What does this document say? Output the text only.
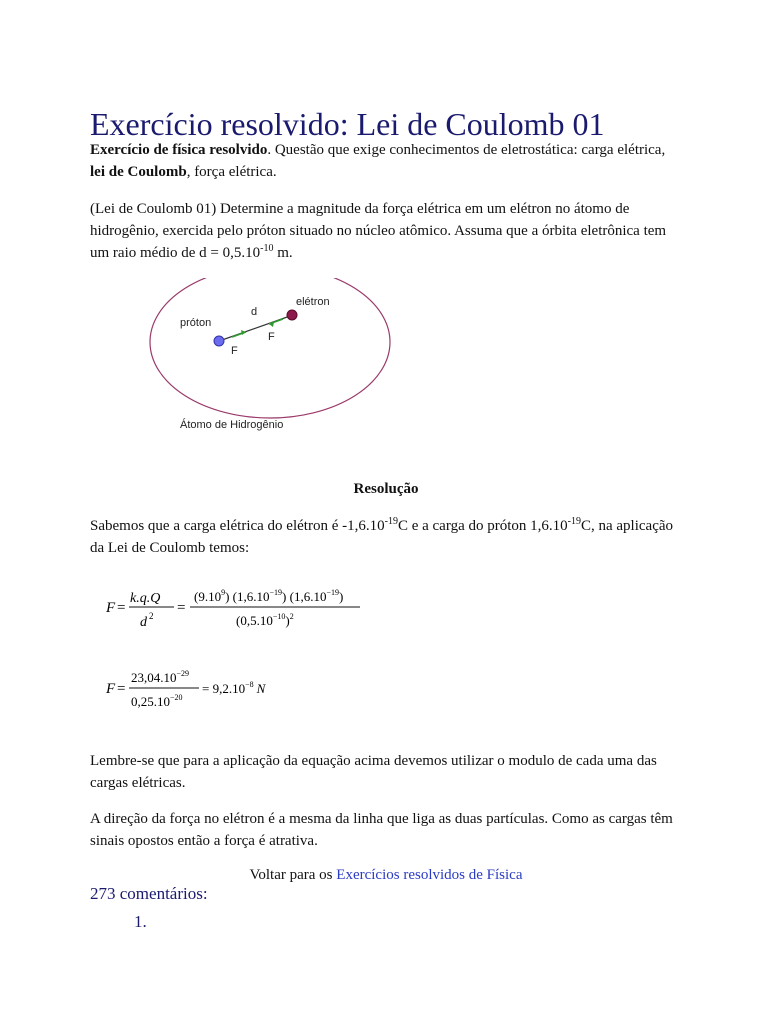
Exercício resolvido: Lei de Coulomb 01

Exercício de física resolvido. Questão que exige conhecimentos de eletrostática: carga elétrica, lei de Coulomb, força elétrica.

(Lei de Coulomb 01) Determine a magnitude da força elétrica em um elétron no átomo de hidrogênio, exercida pelo próton situado no núcleo atômico. Assuma que a órbita eletrônica tem um raio médio de $d = 0,5.10^{-10}$ m.

próton
elétron
d
F
F
Átomo de Hidrogênio
Resolução

Sabemos que a carga elétrica do elétron é $-1,6.10^{-19}C$ e a carga do próton $1,6.10^{-19}C$, na aplicação da Lei de Coulomb temos:

F =
k.q.Q
d 2 =
$(9.10^9)$ $(1,6.10^{-19})$ $(1,6.10^{-19})$
$(0,5.10^{-10})^2$
F =
$23,04.10^{-29}$
$0,25.10^{-20}$
= $9,2.10^{-8}$ N

Lembre-se que para a aplicação da equação acima devemos utilizar o modulo de cada uma das cargas elétricas.

A direção da força no elétron é a mesma da linha que liga as duas partículas. Como as cargas têm sinais opostos então a força é atrativa.

Voltar para os Exercícios resolvidos de Física
273 comentários:
1.
